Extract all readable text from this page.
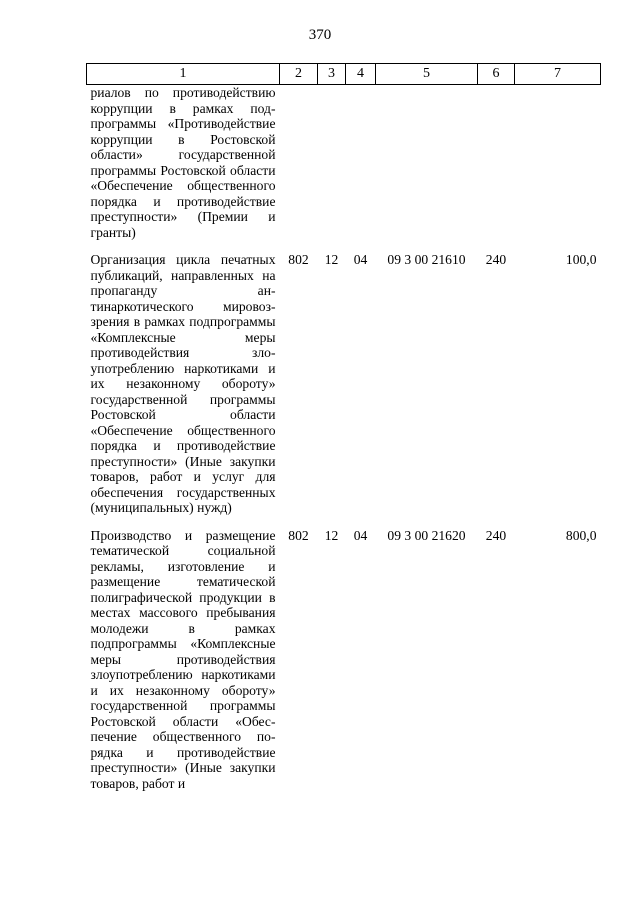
370
1	2	3	4	5	6	7
риалов по противодействию коррупции в рамках подпрограммы «Противодействие коррупции в Ростовской области» государственной программы Ростовской области «Обеспечение общественного порядка и противодействие преступности» (Премии и гранты)						
Организация цикла печатных публикаций, направленных на пропаганду антинаркотического мировоззрения в рамках подпрограммы «Комплексные меры противодействия злоупотреблению наркотиками и их незаконному обороту» государственной программы Ростовской области «Обеспечение общественного порядка и противодействие преступности» (Иные закупки товаров, работ и услуг для обеспечения государственных (муниципальных) нужд)	802	12	04	09 3 00 21610	240	100,0
Производство и размещение тематической социальной рекламы, изготовление и размещение тематической полиграфической продукции в местах массового пребывания молодежи в рамках подпрограммы «Комплексные меры противодействия злоупотреблению наркотиками и их незаконному обороту» государственной программы Ростовской области «Обеспечение общественного порядка и противодействие преступности» (Иные закупки товаров, работ и	802	12	04	09 3 00 21620	240	800,0
